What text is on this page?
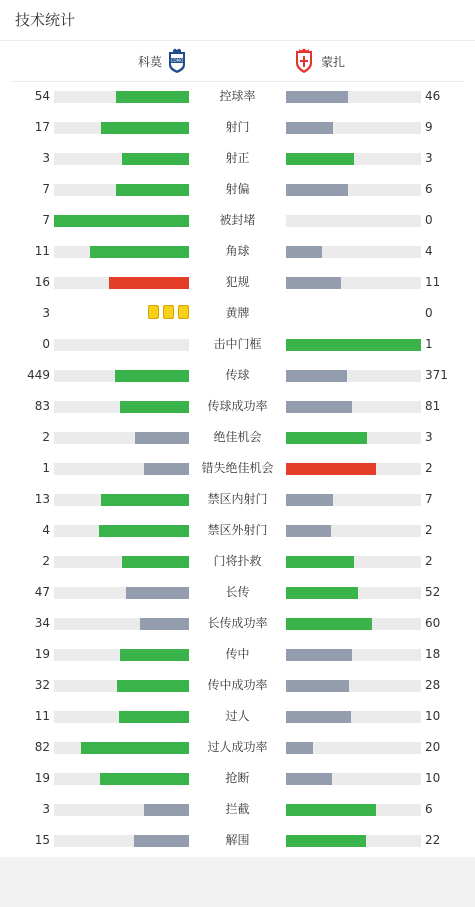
技术统计
科莫 COMO	蒙扎
54	控球率	46
17	射门	9
3	射正	3
7	射偏	6
7	被封堵	0
11	角球	4
16	犯规	11
3	黄牌	0
0	击中门框	1
449	传球	371
83	传球成功率	81
2	绝佳机会	3
1	错失绝佳机会	2
13	禁区内射门	7
4	禁区外射门	2
2	门将扑救	2
47	长传	52
34	长传成功率	60
19	传中	18
32	传中成功率	28
11	过人	10
82	过人成功率	20
19	抢断	10
3	拦截	6
15	解围	22
